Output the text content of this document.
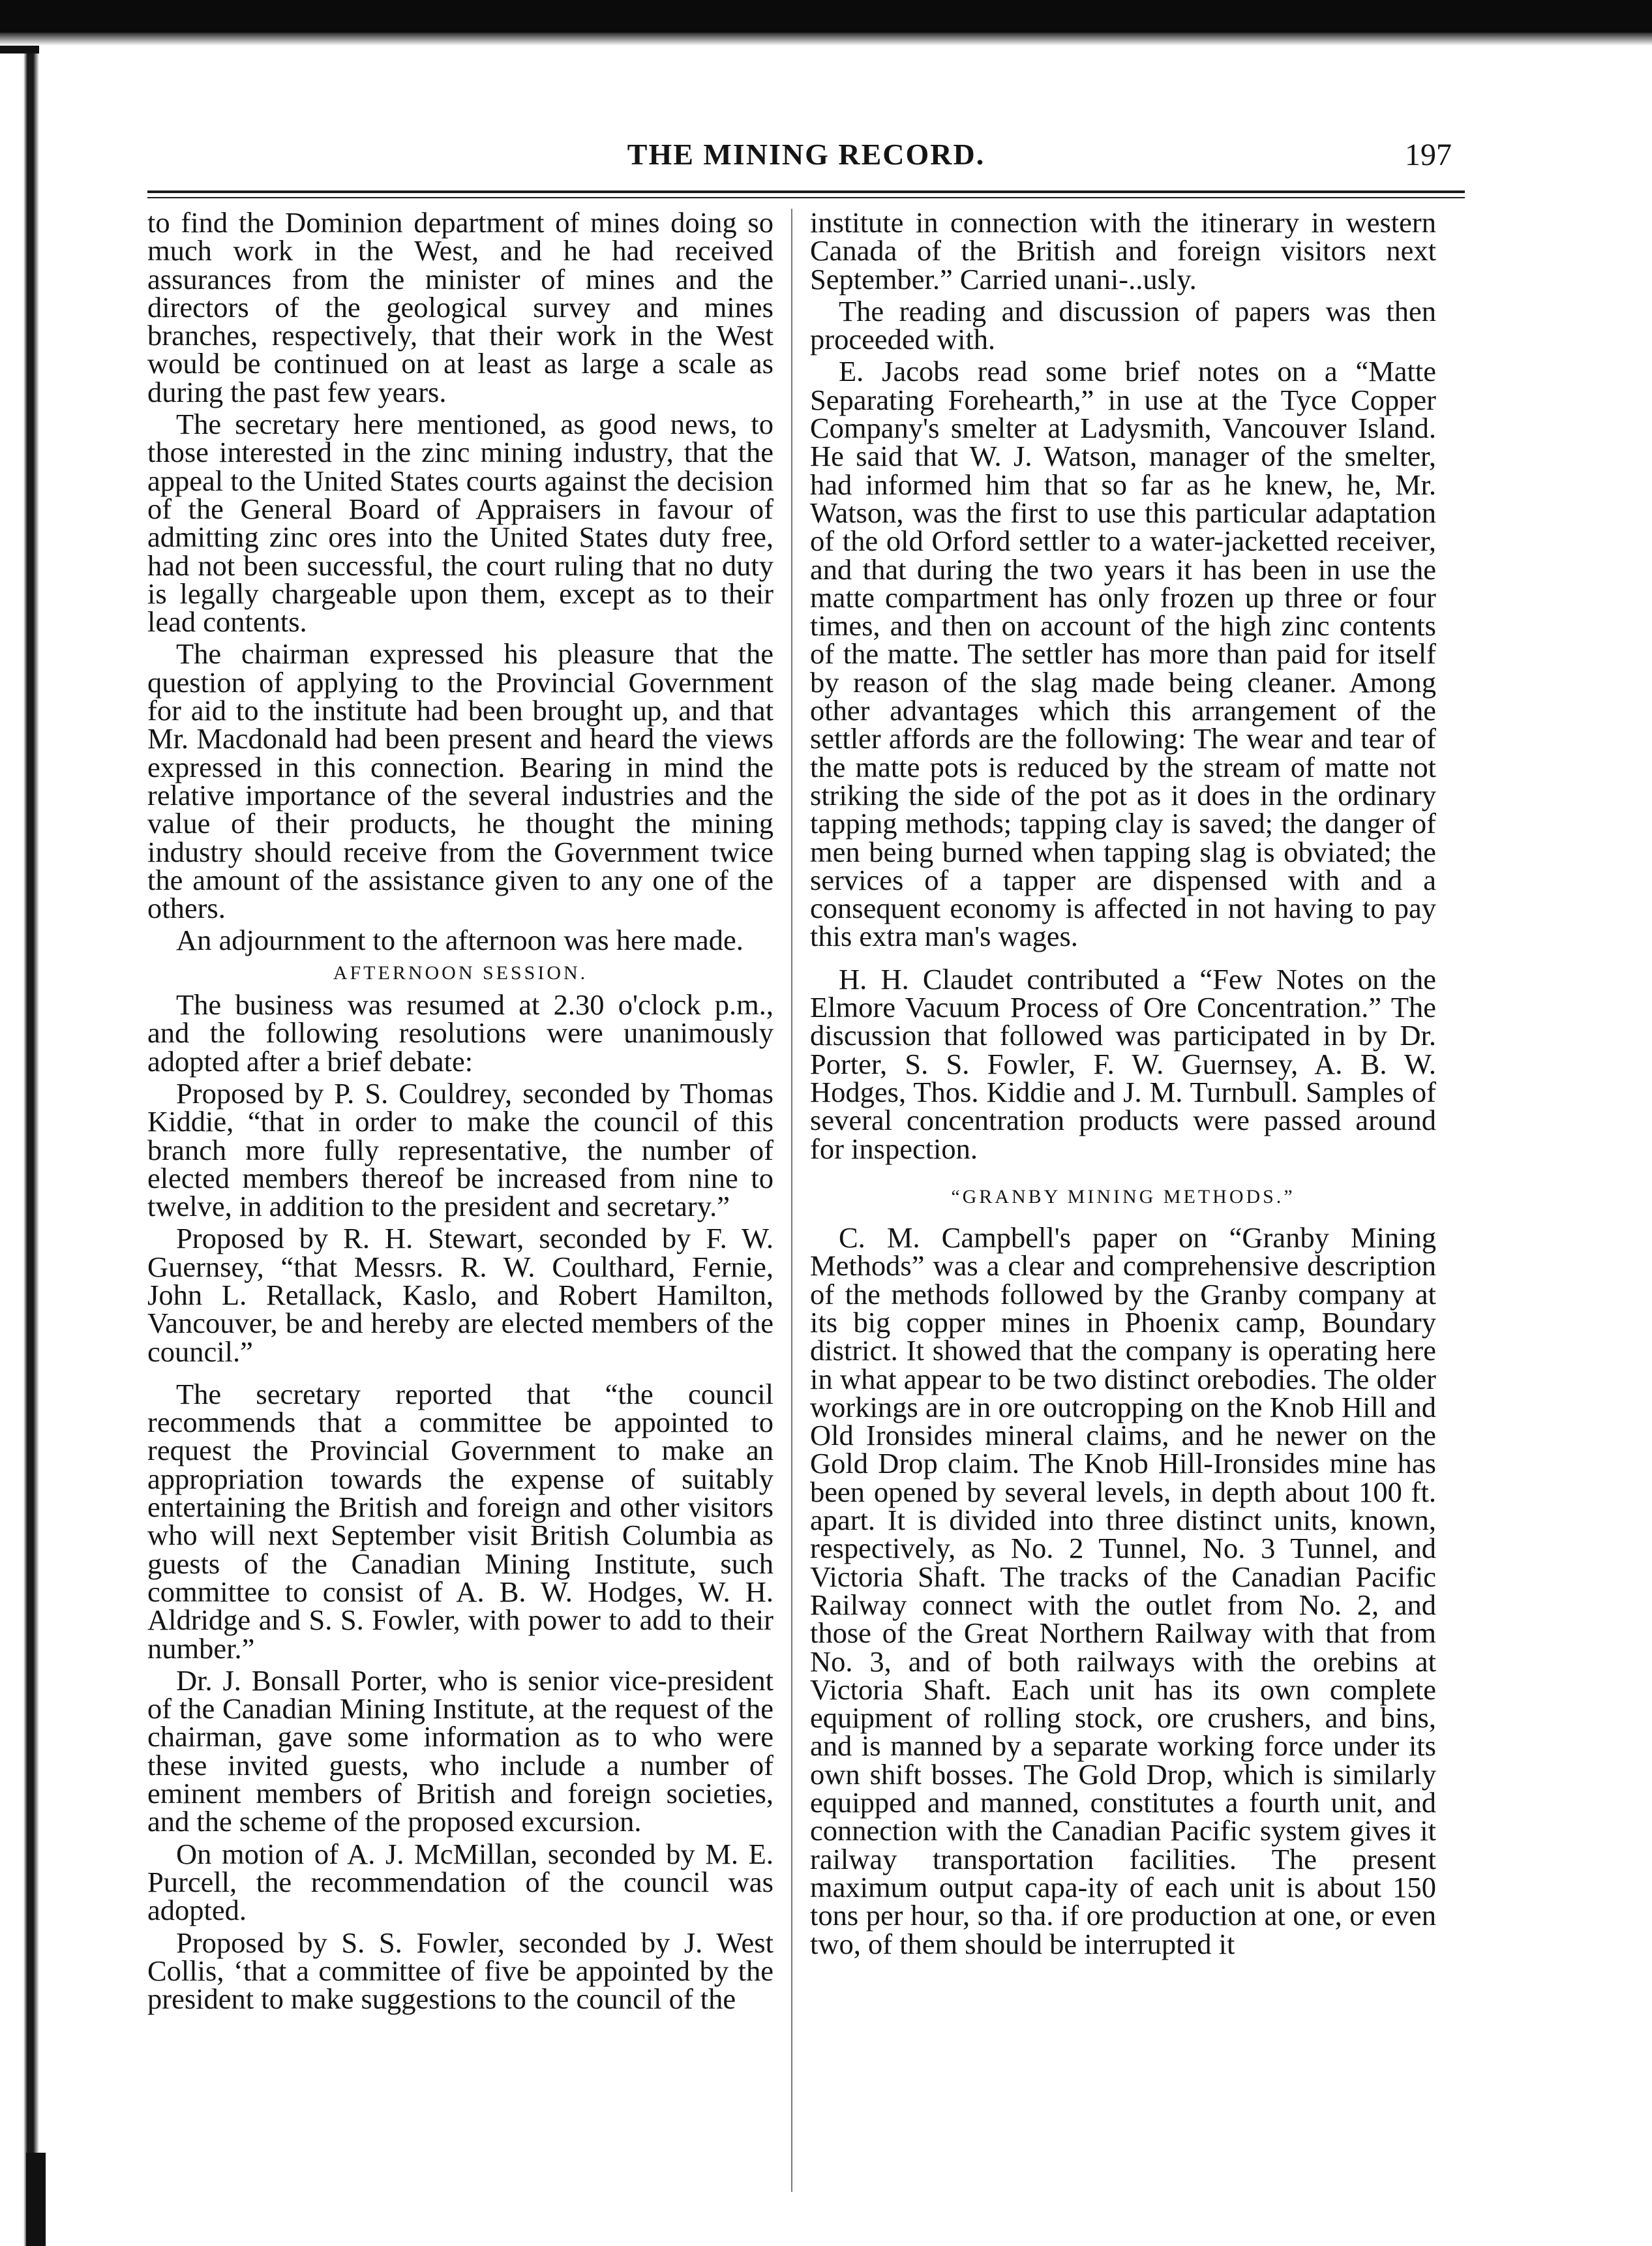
THE MINING RECORD.	197

to find the Dominion department of mines doing so much work in the West, and he had received assurances from the minister of mines and the directors of the geological survey and mines branches, respectively, that their work in the West would be continued on at least as large a scale as during the past few years.

The secretary here mentioned, as good news, to those interested in the zinc mining industry, that the appeal to the United States courts against the decision of the General Board of Appraisers in favour of admitting zinc ores into the United States duty free, had not been successful, the court ruling that no duty is legally chargeable upon them, except as to their lead contents.

The chairman expressed his pleasure that the question of applying to the Provincial Government for aid to the institute had been brought up, and that Mr. Macdonald had been present and heard the views expressed in this connection. Bearing in mind the relative importance of the several industries and the value of their products, he thought the mining industry should receive from the Government twice the amount of the assistance given to any one of the others.

An adjournment to the afternoon was here made.

AFTERNOON SESSION.

The business was resumed at 2.30 o'clock p.m., and the following resolutions were unanimously adopted after a brief debate:

Proposed by P. S. Couldrey, seconded by Thomas Kiddie, “that in order to make the council of this branch more fully representative, the number of elected members thereof be increased from nine to twelve, in addition to the president and secretary.”

Proposed by R. H. Stewart, seconded by F. W. Guernsey, “that Messrs. R. W. Coulthard, Fernie, John L. Retallack, Kaslo, and Robert Hamilton, Vancouver, be and hereby are elected members of the council.”

The secretary reported that “the council recommends that a committee be appointed to request the Provincial Government to make an appropriation towards the expense of suitably entertaining the British and foreign and other visitors who will next September visit British Columbia as guests of the Canadian Mining Institute, such committee to consist of A. B. W. Hodges, W. H. Aldridge and S. S. Fowler, with power to add to their number.”

Dr. J. Bonsall Porter, who is senior vice-president of the Canadian Mining Institute, at the request of the chairman, gave some information as to who were these invited guests, who include a number of eminent members of British and foreign societies, and the scheme of the proposed excursion.

On motion of A. J. McMillan, seconded by M. E. Purcell, the recommendation of the council was adopted.

Proposed by S. S. Fowler, seconded by J. West Collis, ‘that a committee of five be appointed by the president to make suggestions to the council of the

institute in connection with the itinerary in western Canada of the British and foreign visitors next September.” Carried unani-..usly.

The reading and discussion of papers was then proceeded with.

E. Jacobs read some brief notes on a “Matte Separating Forehearth,” in use at the Tyce Copper Company's smelter at Ladysmith, Vancouver Island. He said that W. J. Watson, manager of the smelter, had informed him that so far as he knew, he, Mr. Watson, was the first to use this particular adaptation of the old Orford settler to a water-jacketted receiver, and that during the two years it has been in use the matte compartment has only frozen up three or four times, and then on account of the high zinc contents of the matte. The settler has more than paid for itself by reason of the slag made being cleaner. Among other advantages which this arrangement of the settler affords are the following: The wear and tear of the matte pots is reduced by the stream of matte not striking the side of the pot as it does in the ordinary tapping methods; tapping clay is saved; the danger of men being burned when tapping slag is obviated; the services of a tapper are dispensed with and a consequent economy is affected in not having to pay this extra man's wages.

H. H. Claudet contributed a “Few Notes on the Elmore Vacuum Process of Ore Concentration.” The discussion that followed was participated in by Dr. Porter, S. S. Fowler, F. W. Guernsey, A. B. W. Hodges, Thos. Kiddie and J. M. Turnbull. Samples of several concentration products were passed around for inspection.

“GRANBY MINING METHODS.”

C. M. Campbell's paper on “Granby Mining Methods” was a clear and comprehensive description of the methods followed by the Granby company at its big copper mines in Phoenix camp, Boundary district. It showed that the company is operating here in what appear to be two distinct orebodies. The older workings are in ore outcropping on the Knob Hill and Old Ironsides mineral claims, and he newer on the Gold Drop claim. The Knob Hill-Ironsides mine has been opened by several levels, in depth about 100 ft. apart. It is divided into three distinct units, known, respectively, as No. 2 Tunnel, No. 3 Tunnel, and Victoria Shaft. The tracks of the Canadian Pacific Railway connect with the outlet from No. 2, and those of the Great Northern Railway with that from No. 3, and of both railways with the orebins at Victoria Shaft. Each unit has its own complete equipment of rolling stock, ore crushers, and bins, and is manned by a separate working force under its own shift bosses. The Gold Drop, which is similarly equipped and manned, constitutes a fourth unit, and connection with the Canadian Pacific system gives it railway transportation facilities. The present maximum output capa-ity of each unit is about 150 tons per hour, so tha. if ore production at one, or even two, of them should be interrupted it
